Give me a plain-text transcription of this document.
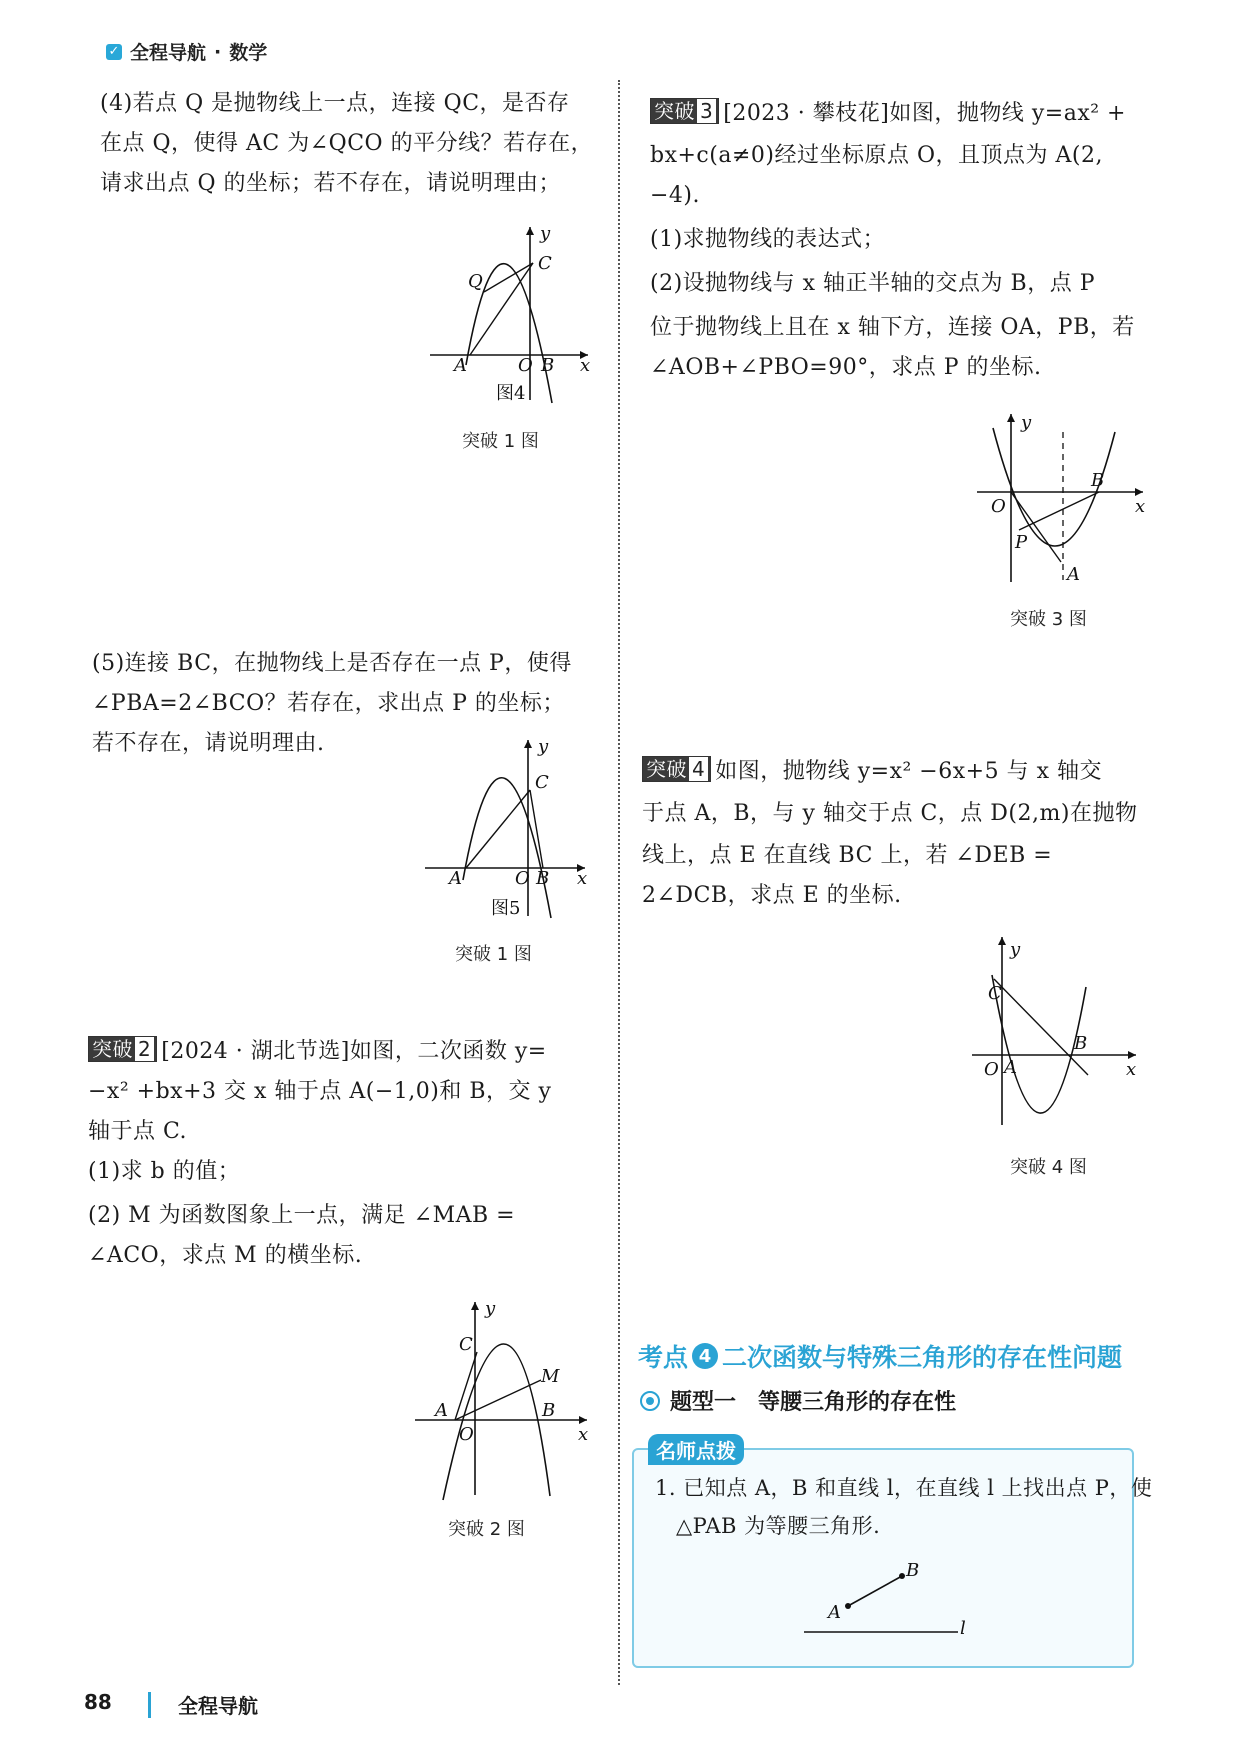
✓ 全程导航 · 数学

(4)若点 Q 是抛物线上一点，连接 QC，是否存

在点 Q，使得 AC 为∠QCO 的平分线？若存在，

请求出点 Q 的坐标；若不存在，请说明理由；

Q
C
A	O B x
y
图4
突破 1 图

(5)连接 BC，在抛物线上是否存在一点 P，使得

∠PBA=2∠BCO？若存在，求出点 P 的坐标；

若不存在，请说明理由.

C
A	O B x
y
图5
突破 1 图

突破 2 [2024 · 湖北节选]如图，二次函数 y=

−x² +bx+3 交 x 轴于点 A(−1,0)和 B，交 y

轴于点 C.

(1)求 b 的值；

(2) M 为函数图象上一点，满足 ∠MAB =

∠ACO，求点 M 的横坐标.

C
M
A	B
O	x
y
突破 2 图

突破 3 [2023 · 攀枝花]如图，抛物线 y=ax² +

bx+c(a≠0)经过坐标原点 O，且顶点为 A(2,

−4).

(1)求抛物线的表达式；

(2)设抛物线与 x 轴正半轴的交点为 B，点 P

位于抛物线上且在 x 轴下方，连接 OA，PB，若

∠AOB+∠PBO=90°，求点 P 的坐标.

y
B
O	x
P
A
突破 3 图

突破 4 如图，抛物线 y=x² −6x+5 与 x 轴交

于点 A，B，与 y 轴交于点 C，点 D(2,m)在抛物

线上，点 E 在直线 BC 上，若 ∠DEB =

2∠DCB，求点 E 的坐标.

y
C
B
O A	x
突破 4 图
考点 4 二次函数与特殊三角形的存在性问题
题型一　等腰三角形的存在性
名师点拨

1. 已知点 A，B 和直线 l，在直线 l 上找出点 P，使

△PAB 为等腰三角形.

B
A
l
88	全程导航
